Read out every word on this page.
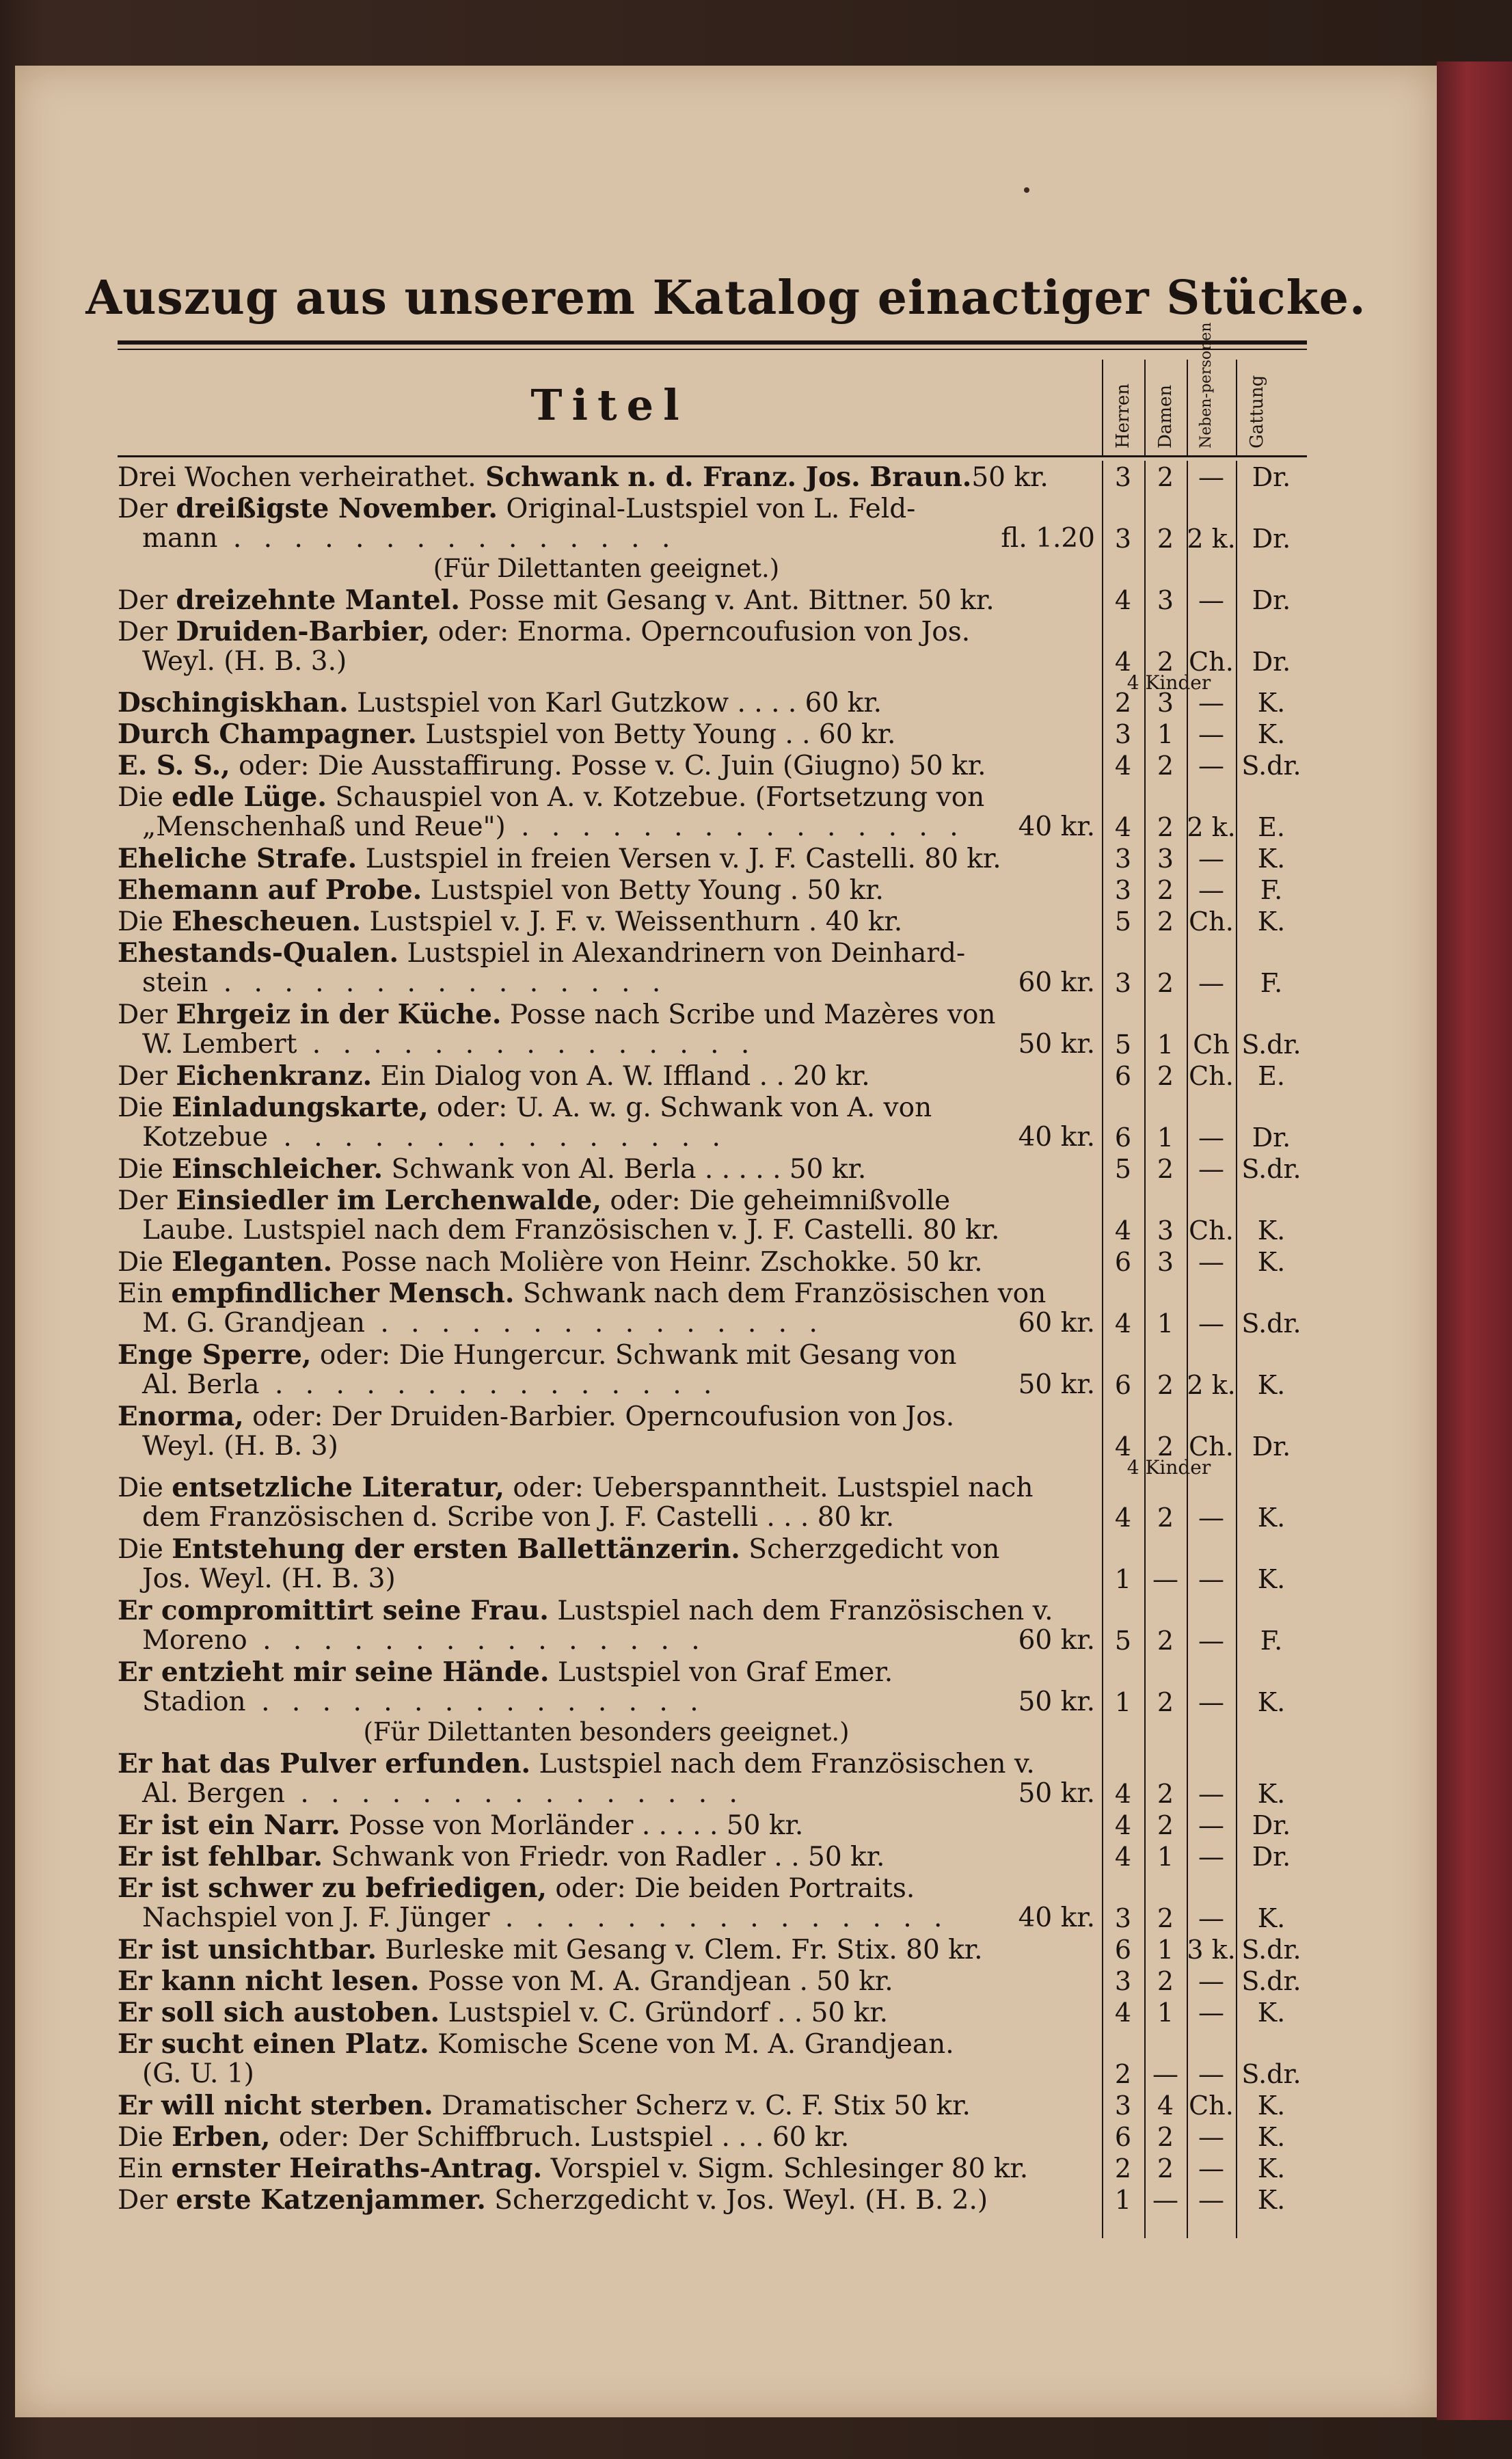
Auszug aus unserem Katalog einactiger Stücke.
Titel	Herren Damen Neben-personen Gattung
Drei Wochen verheirathet. Schwank n. d. Franz. Jos. Braun.50 kr.	3 2 —	Dr.
Der dreißigste November. Original-Lustspiel von L. Feld-
mann . . . . . . . . . . . . . . .	fl. 1.20 3 2 2 k. Dr.
(Für Dilettanten geeignet.)
Der dreizehnte Mantel. Posse mit Gesang v. Ant. Bittner. 50 kr.	4 3 —	Dr.
Der Druiden-Barbier, oder: Enorma. Operncoufusion von Jos.
Weyl. (H. B. 3.)	4 2 Ch. Dr.
4 Kinder
Dschingiskhan. Lustspiel von Karl Gutzkow . . . . 60 kr.	2 3 —	K.
Durch Champagner. Lustspiel von Betty Young . . 60 kr.	3 1 —	K.
E. S. S., oder: Die Ausstaffirung. Posse v. C. Juin (Giugno) 50 kr.	4 2 — S.dr.
Die edle Lüge. Schauspiel von A. v. Kotzebue. (Fortsetzung von
„Menschenhaß und Reue") . . . . . . . . . . . . . . . 40 kr. 4 2 2 k. E.
Eheliche Strafe. Lustspiel in freien Versen v. J. F. Castelli. 80 kr.	3 3 —	K.
Ehemann auf Probe. Lustspiel von Betty Young . 50 kr.	3 2 —	F.
Die Ehescheuen. Lustspiel v. J. F. v. Weissenthurn . 40 kr.	5 2 Ch. K.
Ehestands-Qualen. Lustspiel in Alexandrinern von Deinhard-
stein . . . . . . . . . . . . . . .	60 kr. 3 2 —	F.
Der Ehrgeiz in der Küche. Posse nach Scribe und Mazères von
W. Lembert . . . . . . . . . . . . . . .	50 kr. 5 1 Ch S.dr.
Der Eichenkranz. Ein Dialog von A. W. Iffland . . 20 kr.	6 2 Ch. E.
Die Einladungskarte, oder: U. A. w. g. Schwank von A. von
Kotzebue . . . . . . . . . . . . . . .	40 kr. 6 1 —	Dr.
Die Einschleicher. Schwank von Al. Berla . . . . . 50 kr.	5 2 — S.dr.
Der Einsiedler im Lerchenwalde, oder: Die geheimnißvolle
Laube. Lustspiel nach dem Französischen v. J. F. Castelli. 80 kr.	4 3 Ch. K.
Die Eleganten. Posse nach Molière von Heinr. Zschokke. 50 kr.	6 3 —	K.
Ein empfindlicher Mensch. Schwank nach dem Französischen von
M. G. Grandjean . . . . . . . . . . . . . . .	60 kr. 4 1 — S.dr.
Enge Sperre, oder: Die Hungercur. Schwank mit Gesang von
Al. Berla . . . . . . . . . . . . . . .	50 kr. 6 2 2 k. K.
Enorma, oder: Der Druiden-Barbier. Operncoufusion von Jos.
Weyl. (H. B. 3)	4 2 Ch. Dr.
4 Kinder
Die entsetzliche Literatur, oder: Ueberspanntheit. Lustspiel nach
dem Französischen d. Scribe von J. F. Castelli . . . 80 kr.	4 2 —	K.
Die Entstehung der ersten Ballettänzerin. Scherzgedicht von
Jos. Weyl. (H. B. 3)	1 — —	K.
Er compromittirt seine Frau. Lustspiel nach dem Französischen v.
Moreno . . . . . . . . . . . . . . .	60 kr. 5 2 —	F.
Er entzieht mir seine Hände. Lustspiel von Graf Emer.
Stadion . . . . . . . . . . . . . . .	50 kr. 1 2 —	K.
(Für Dilettanten besonders geeignet.)
Er hat das Pulver erfunden. Lustspiel nach dem Französischen v.
Al. Bergen . . . . . . . . . . . . . . .	50 kr. 4 2 —	K.
Er ist ein Narr. Posse von Morländer . . . . . 50 kr.	4 2 —	Dr.
Er ist fehlbar. Schwank von Friedr. von Radler . . 50 kr.	4 1 —	Dr.
Er ist schwer zu befriedigen, oder: Die beiden Portraits.
Nachspiel von J. F. Jünger . . . . . . . . . . . . . . .	40 kr. 3 2 —	K.
Er ist unsichtbar. Burleske mit Gesang v. Clem. Fr. Stix. 80 kr.	6 1 3 k. S.dr.
Er kann nicht lesen. Posse von M. A. Grandjean . 50 kr.	3 2 — S.dr.
Er soll sich austoben. Lustspiel v. C. Gründorf . . 50 kr.	4 1 —	K.
Er sucht einen Platz. Komische Scene von M. A. Grandjean.
(G. U. 1)	2 — — S.dr.
Er will nicht sterben. Dramatischer Scherz v. C. F. Stix 50 kr.	3 4 Ch. K.
Die Erben, oder: Der Schiffbruch. Lustspiel . . . 60 kr.	6 2 —	K.
Ein ernster Heiraths-Antrag. Vorspiel v. Sigm. Schlesinger 80 kr.	2 2 —	K.
Der erste Katzenjammer. Scherzgedicht v. Jos. Weyl. (H. B. 2.)	1 — —	K.
